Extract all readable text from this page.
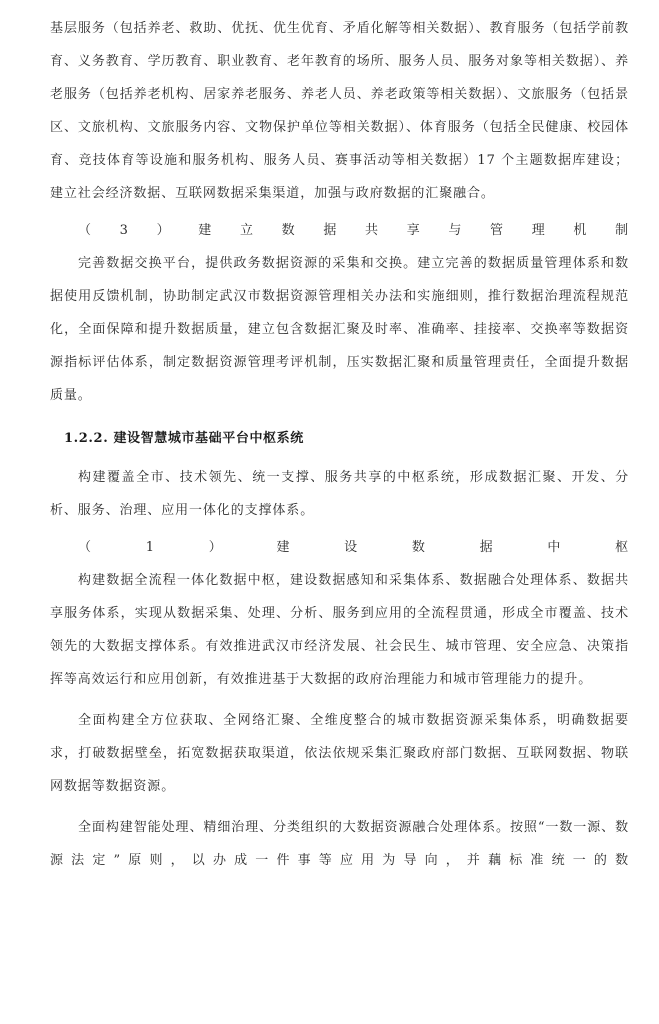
基层服务（包括养老、救助、优抚、优生优育、矛盾化解等相关数据）、教育服务（包括学前教育、义务教育、学历教育、职业教育、老年教育的场所、服务人员、服务对象等相关数据）、养老服务（包括养老机构、居家养老服务、养老人员、养老政策等相关数据）、文旅服务（包括景区、文旅机构、文旅服务内容、文物保护单位等相关数据）、体育服务（包括全民健康、校园体育、竞技体育等设施和服务机构、服务人员、赛事活动等相关数据）17 个主题数据库建设；建立社会经济数据、互联网数据采集渠道，加强与政府数据的汇聚融合。

（3）建立数据共享与管理机制

完善数据交换平台，提供政务数据资源的采集和交换。建立完善的数据质量管理体系和数据使用反馈机制，协助制定武汉市数据资源管理相关办法和实施细则，推行数据治理流程规范化，全面保障和提升数据质量，建立包含数据汇聚及时率、准确率、挂接率、交换率等数据资源指标评估体系，制定数据资源管理考评机制，压实数据汇聚和质量管理责任，全面提升数据质量。

1.2.2. 建设智慧城市基础平台中枢系统

构建覆盖全市、技术领先、统一支撑、服务共享的中枢系统，形成数据汇聚、开发、分析、服务、治理、应用一体化的支撑体系。

（1）建设数据中枢

构建数据全流程一体化数据中枢，建设数据感知和采集体系、数据融合处理体系、数据共享服务体系，实现从数据采集、处理、分析、服务到应用的全流程贯通，形成全市覆盖、技术领先的大数据支撑体系。有效推进武汉市经济发展、社会民生、城市管理、安全应急、决策指挥等高效运行和应用创新，有效推进基于大数据的政府治理能力和城市管理能力的提升。

全面构建全方位获取、全网络汇聚、全维度整合的城市数据资源采集体系，明确数据要求，打破数据壁垒，拓宽数据获取渠道，依法依规采集汇聚政府部门数据、互联网数据、物联网数据等数据资源。

全面构建智能处理、精细治理、分类组织的大数据资源融合处理体系。按照“一数一源、数源法定”原则，以办成一件事等应用为导向，并藕标准统一的数
